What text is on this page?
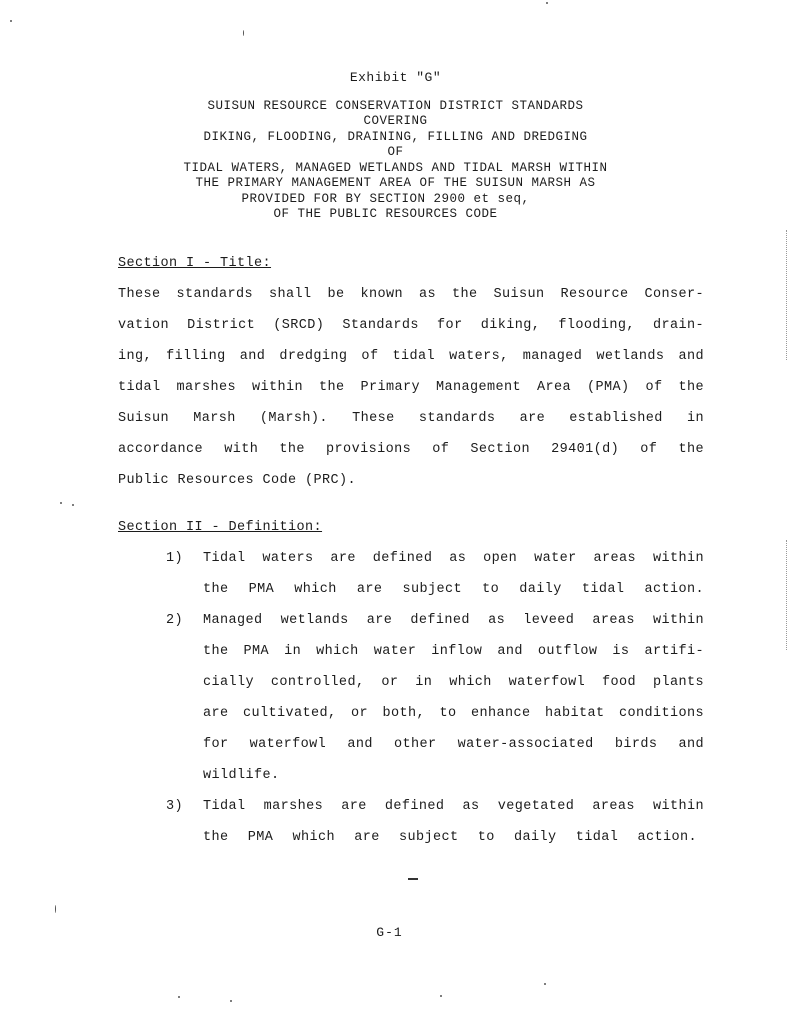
Exhibit "G"
SUISUN RESOURCE CONSERVATION DISTRICT STANDARDS
COVERING
DIKING, FLOODING, DRAINING, FILLING AND DREDGING
OF
TIDAL WATERS, MANAGED WETLANDS AND TIDAL MARSH WITHIN
THE PRIMARY MANAGEMENT AREA OF THE SUISUN MARSH AS
PROVIDED FOR BY SECTION 2900 et seq,
OF THE PUBLIC RESOURCES CODE
Section I - Title:
These standards shall be known as the Suisun Resource Conser-
vation District (SRCD) Standards for diking, flooding, drain-
ing, filling and dredging of tidal waters, managed wetlands and
tidal marshes within the Primary Management Area (PMA) of the
Suisun Marsh (Marsh). These standards are established in
accordance with the provisions of Section 29401(d) of the
Public Resources Code (PRC).
Section II - Definition:
1) Tidal waters are defined as open water areas within
the PMA which are subject to daily tidal action.
2) Managed wetlands are defined as leveed areas within
the PMA in which water inflow and outflow is artifi-
cially controlled, or in which waterfowl food plants
are cultivated, or both, to enhance habitat conditions
for waterfowl and other water-associated birds and
wildlife.
3) Tidal marshes are defined as vegetated areas within
the PMA which are subject to daily tidal action.
G-1
